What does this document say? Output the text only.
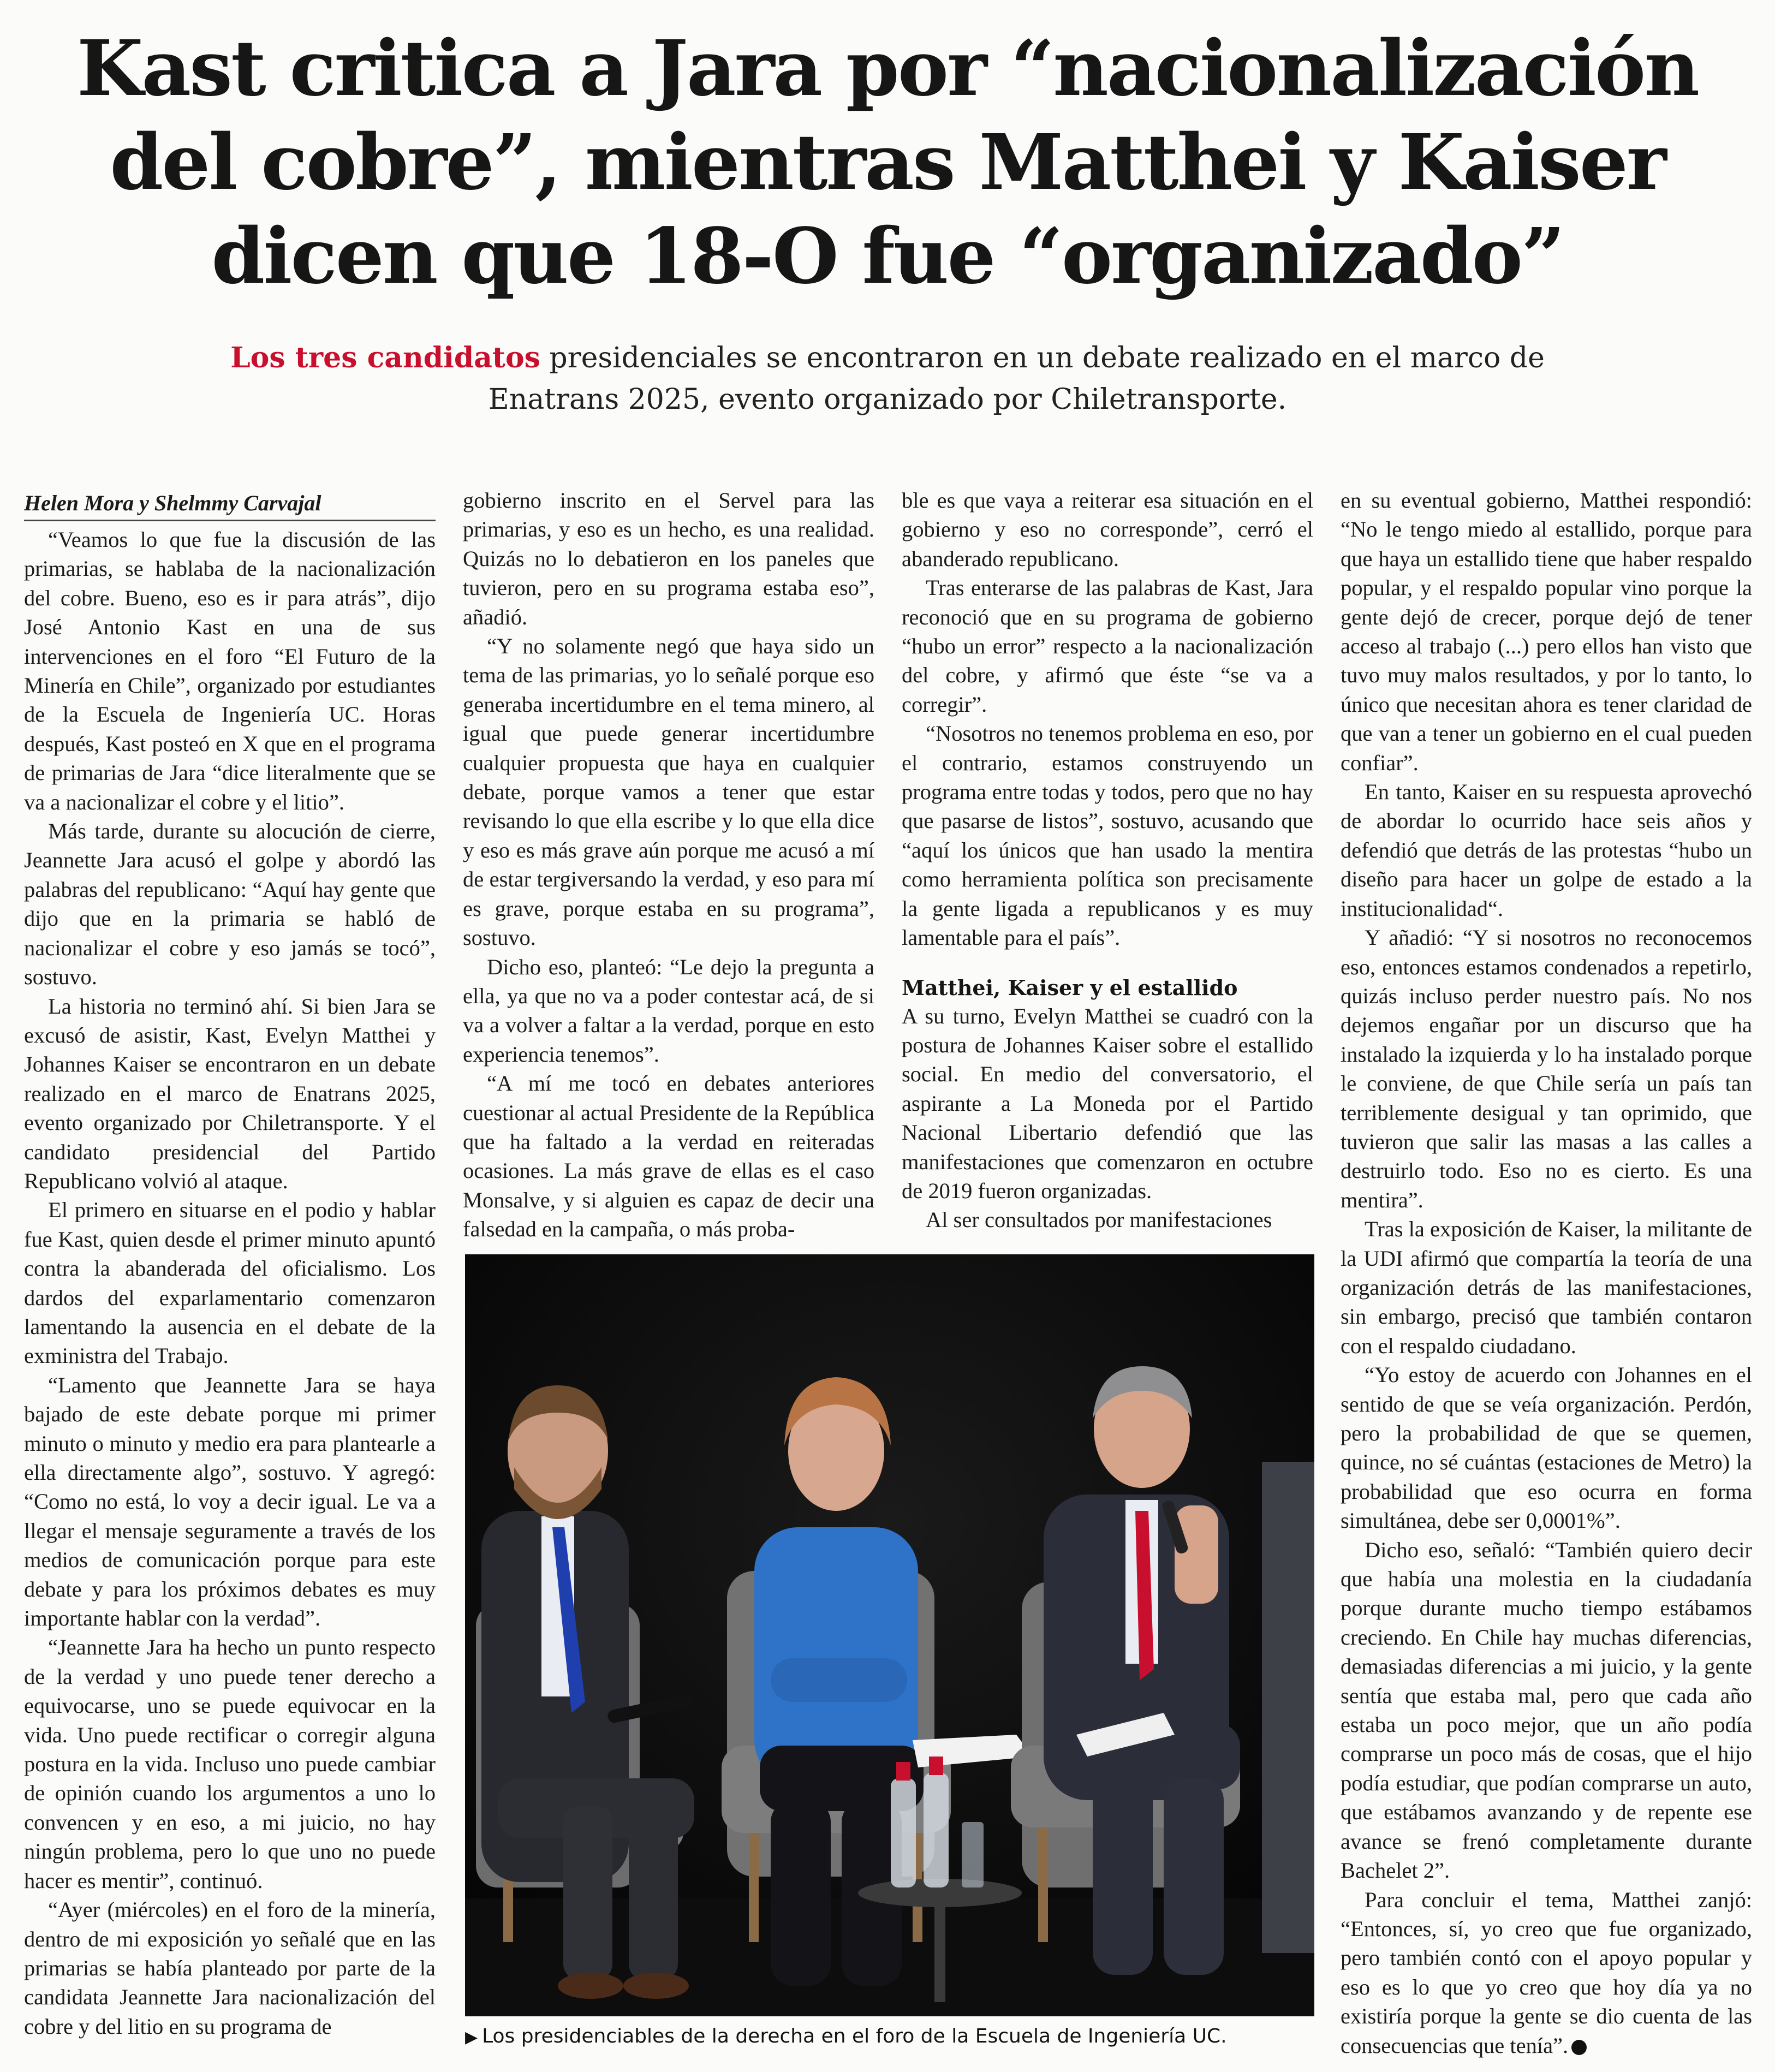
Kast critica a Jara por “nacionalización
del cobre”, mientras Matthei y Kaiser
dicen que 18-O fue “organizado”

Los tres candidatos presidenciales se encontraron en un debate realizado en el marco de Enatrans 2025, evento organizado por Chiletransporte.

Helen Mora y Shelmmy Carvajal

“Veamos lo que fue la discusión de las primarias, se hablaba de la nacionalización del cobre. Bueno, eso es ir para atrás”, dijo José Antonio Kast en una de sus intervenciones en el foro “El Futuro de la Minería en Chile”, organizado por estudiantes de la Escuela de Ingeniería UC. Horas después, Kast posteó en X que en el programa de primarias de Jara “dice literalmente que se va a nacionalizar el cobre y el litio”.

Más tarde, durante su alocución de cierre, Jeannette Jara acusó el golpe y abordó las palabras del republicano: “Aquí hay gente que dijo que en la primaria se habló de nacionalizar el cobre y eso jamás se tocó”, sostuvo.

La historia no terminó ahí. Si bien Jara se excusó de asistir, Kast, Evelyn Matthei y Johannes Kaiser se encontraron en un debate realizado en el marco de Enatrans 2025, evento organizado por Chiletransporte. Y el candidato presidencial del Partido Republicano volvió al ataque.

El primero en situarse en el podio y hablar fue Kast, quien desde el primer minuto apuntó contra la abanderada del oficialismo. Los dardos del exparlamentario comenzaron lamentando la ausencia en el debate de la exministra del Trabajo.

“Lamento que Jeannette Jara se haya bajado de este debate porque mi primer minuto o minuto y medio era para plantearle a ella directamente algo”, sostuvo. Y agregó: “Como no está, lo voy a decir igual. Le va a llegar el mensaje seguramente a través de los medios de comunicación porque para este debate y para los próximos debates es muy importante hablar con la verdad”.

“Jeannette Jara ha hecho un punto respecto de la verdad y uno puede tener derecho a equivocarse, uno se puede equivocar en la vida. Uno puede rectificar o corregir alguna postura en la vida. Incluso uno puede cambiar de opinión cuando los argumentos a uno lo convencen y en eso, a mi juicio, no hay ningún problema, pero lo que uno no puede hacer es mentir”, continuó.

“Ayer (miércoles) en el foro de la minería, dentro de mi exposición yo señalé que en las primarias se había planteado por parte de la candidata Jeannette Jara nacionalización del cobre y del litio en su programa de

gobierno inscrito en el Servel para las primarias, y eso es un hecho, es una realidad. Quizás no lo debatieron en los paneles que tuvieron, pero en su programa estaba eso”, añadió.

“Y no solamente negó que haya sido un tema de las primarias, yo lo señalé porque eso generaba incertidumbre en el tema minero, al igual que puede generar incertidumbre cualquier propuesta que haya en cualquier debate, porque vamos a tener que estar revisando lo que ella escribe y lo que ella dice y eso es más grave aún porque me acusó a mí de estar tergiversando la verdad, y eso para mí es grave, porque estaba en su programa”, sostuvo.

Dicho eso, planteó: “Le dejo la pregunta a ella, ya que no va a poder contestar acá, de si va a volver a faltar a la verdad, porque en esto experiencia tenemos”.

“A mí me tocó en debates anteriores cuestionar al actual Presidente de la República que ha faltado a la verdad en reiteradas ocasiones. La más grave de ellas es el caso Monsalve, y si alguien es capaz de decir una falsedad en la campaña, o más proba-

ble es que vaya a reiterar esa situación en el gobierno y eso no corresponde”, cerró el abanderado republicano.

Tras enterarse de las palabras de Kast, Jara reconoció que en su programa de gobierno “hubo un error” respecto a la nacionalización del cobre, y afirmó que éste “se va a corregir”.

“Nosotros no tenemos problema en eso, por el contrario, estamos construyendo un programa entre todas y todos, pero que no hay que pasarse de listos”, sostuvo, acusando que “aquí los únicos que han usado la mentira como herramienta política son precisamente la gente ligada a republicanos y es muy lamentable para el país”.

Matthei, Kaiser y el estallido

A su turno, Evelyn Matthei se cuadró con la postura de Johannes Kaiser sobre el estallido social. En medio del conversatorio, el aspirante a La Moneda por el Partido Nacional Libertario defendió que las manifestaciones que comenzaron en octubre de 2019 fueron organizadas.

Al ser consultados por manifestaciones

en su eventual gobierno, Matthei respondió: “No le tengo miedo al estallido, porque para que haya un estallido tiene que haber respaldo popular, y el respaldo popular vino porque la gente dejó de crecer, porque dejó de tener acceso al trabajo (...) pero ellos han visto que tuvo muy malos resultados, y por lo tanto, lo único que necesitan ahora es tener claridad de que van a tener un gobierno en el cual pueden confiar”.

En tanto, Kaiser en su respuesta aprovechó de abordar lo ocurrido hace seis años y defendió que detrás de las protestas “hubo un diseño para hacer un golpe de estado a la institucionalidad“.

Y añadió: “Y si nosotros no reconocemos eso, entonces estamos condenados a repetirlo, quizás incluso perder nuestro país. No nos dejemos engañar por un discurso que ha instalado la izquierda y lo ha instalado porque le conviene, de que Chile sería un país tan terriblemente desigual y tan oprimido, que tuvieron que salir las masas a las calles a destruirlo todo. Eso no es cierto. Es una mentira”.

Tras la exposición de Kaiser, la militante de la UDI afirmó que compartía la teoría de una organización detrás de las manifestaciones, sin embargo, precisó que también contaron con el respaldo ciudadano.

“Yo estoy de acuerdo con Johannes en el sentido de que se veía organización. Perdón, pero la probabilidad de que se quemen, quince, no sé cuántas (estaciones de Metro) la probabilidad que eso ocurra en forma simultánea, debe ser 0,0001%”.

Dicho eso, señaló: “También quiero decir que había una molestia en la ciudadanía porque durante mucho tiempo estábamos creciendo. En Chile hay muchas diferencias, demasiadas diferencias a mi juicio, y la gente sentía que estaba mal, pero que cada año estaba un poco mejor, que un año podía comprarse un poco más de cosas, que el hijo podía estudiar, que podían comprarse un auto, que estábamos avanzando y de repente ese avance se frenó completamente durante Bachelet 2”.

Para concluir el tema, Matthei zanjó: “Entonces, sí, yo creo que fue organizado, pero también contó con el apoyo popular y eso es lo que yo creo que hoy día ya no existiría porque la gente se dio cuenta de las consecuencias que tenía”.

▶ Los presidenciables de la derecha en el foro de la Escuela de Ingeniería UC.
